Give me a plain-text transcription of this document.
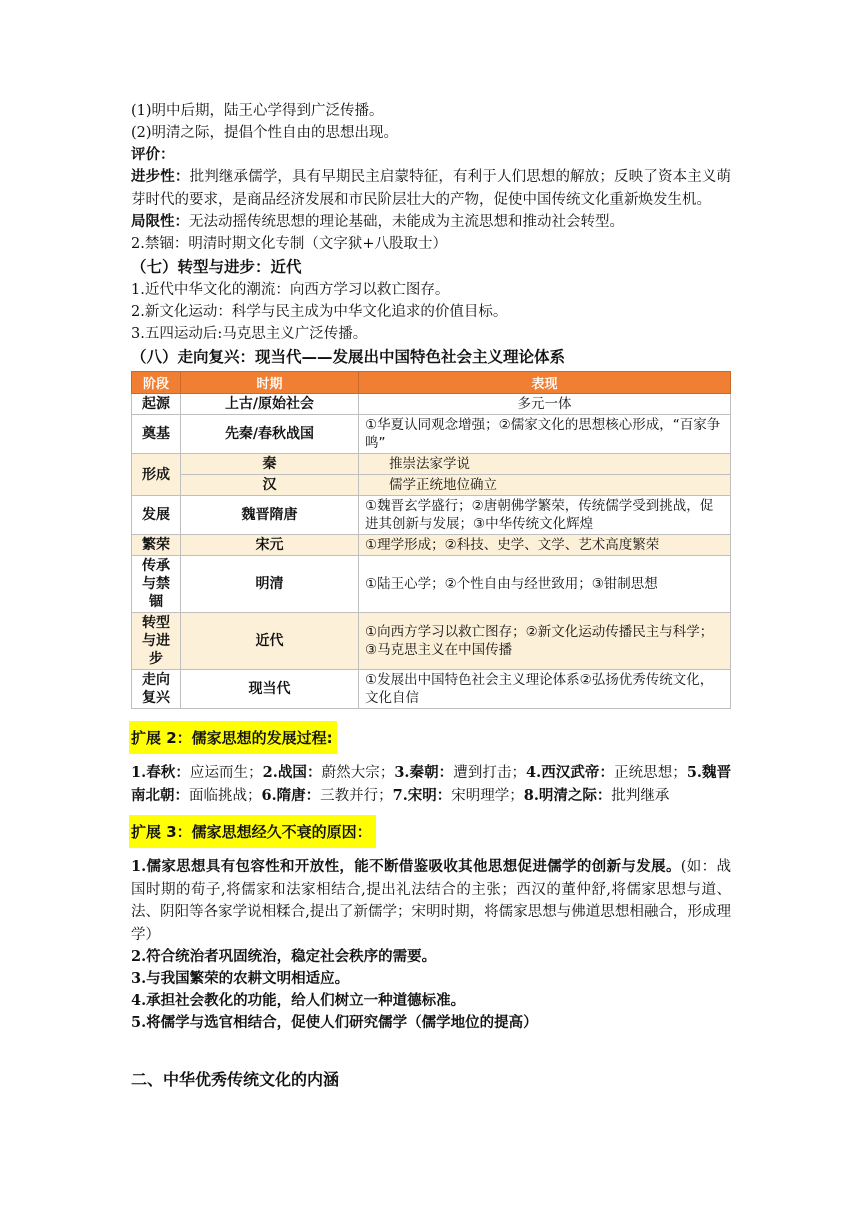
(1)明中后期，陆王心学得到广泛传播。

(2)明清之际，提倡个性自由的思想出现。

评价：

进步性：批判继承儒学，具有早期民主启蒙特征，有利于人们思想的解放；反映了资本主义萌芽时代的要求，是商品经济发展和市民阶层壮大的产物，促使中国传统文化重新焕发生机。

局限性：无法动摇传统思想的理论基础，未能成为主流思想和推动社会转型。

2.禁锢：明清时期文化专制（文字狱+八股取士）

（七）转型与进步：近代

1.近代中华文化的潮流：向西方学习以救亡图存。

2.新文化运动：科学与民主成为中华文化追求的价值目标。

3.五四运动后:马克思主义广泛传播。

（八）走向复兴：现当代——发展出中国特色社会主义理论体系

阶段	时期	表现
起源	上古/原始社会	多元一体
奠基	先秦/春秋战国	①华夏认同观念增强；②儒家文化的思想核心形成，“百家争鸣”
形成	秦	推崇法家学说
	汉	儒学正统地位确立
发展	魏晋隋唐	①魏晋玄学盛行；②唐朝佛学繁荣，传统儒学受到挑战，促进其创新与发展；③中华传统文化辉煌
繁荣	宋元	①理学形成；②科技、史学、文学、艺术高度繁荣
传承与禁锢	明清	①陆王心学；②个性自由与经世致用；③钳制思想
转型与进步	近代	①向西方学习以救亡图存；②新文化运动传播民主与科学；③马克思主义在中国传播
走向复兴	现当代	①发展出中国特色社会主义理论体系②弘扬优秀传统文化，文化自信
扩展 2：儒家思想的发展过程:

1.春秋：应运而生；2.战国：蔚然大宗；3.秦朝：遭到打击；4.西汉武帝：正统思想；5.魏晋南北朝：面临挑战；6.隋唐：三教并行；7.宋明：宋明理学；8.明清之际：批判继承

扩展 3：儒家思想经久不衰的原因：

1.儒家思想具有包容性和开放性，能不断借鉴吸收其他思想促进儒学的创新与发展。(如：战国时期的荀子,将儒家和法家相结合,提出礼法结合的主张；西汉的董仲舒,将儒家思想与道、法、阴阳等各家学说相糅合,提出了新儒学；宋明时期，将儒家思想与佛道思想相融合，形成理学）

2.符合统治者巩固统治，稳定社会秩序的需要。

3.与我国繁荣的农耕文明相适应。

4.承担社会教化的功能，给人们树立一种道德标准。

5.将儒学与选官相结合，促使人们研究儒学（儒学地位的提高）

二、中华优秀传统文化的内涵
